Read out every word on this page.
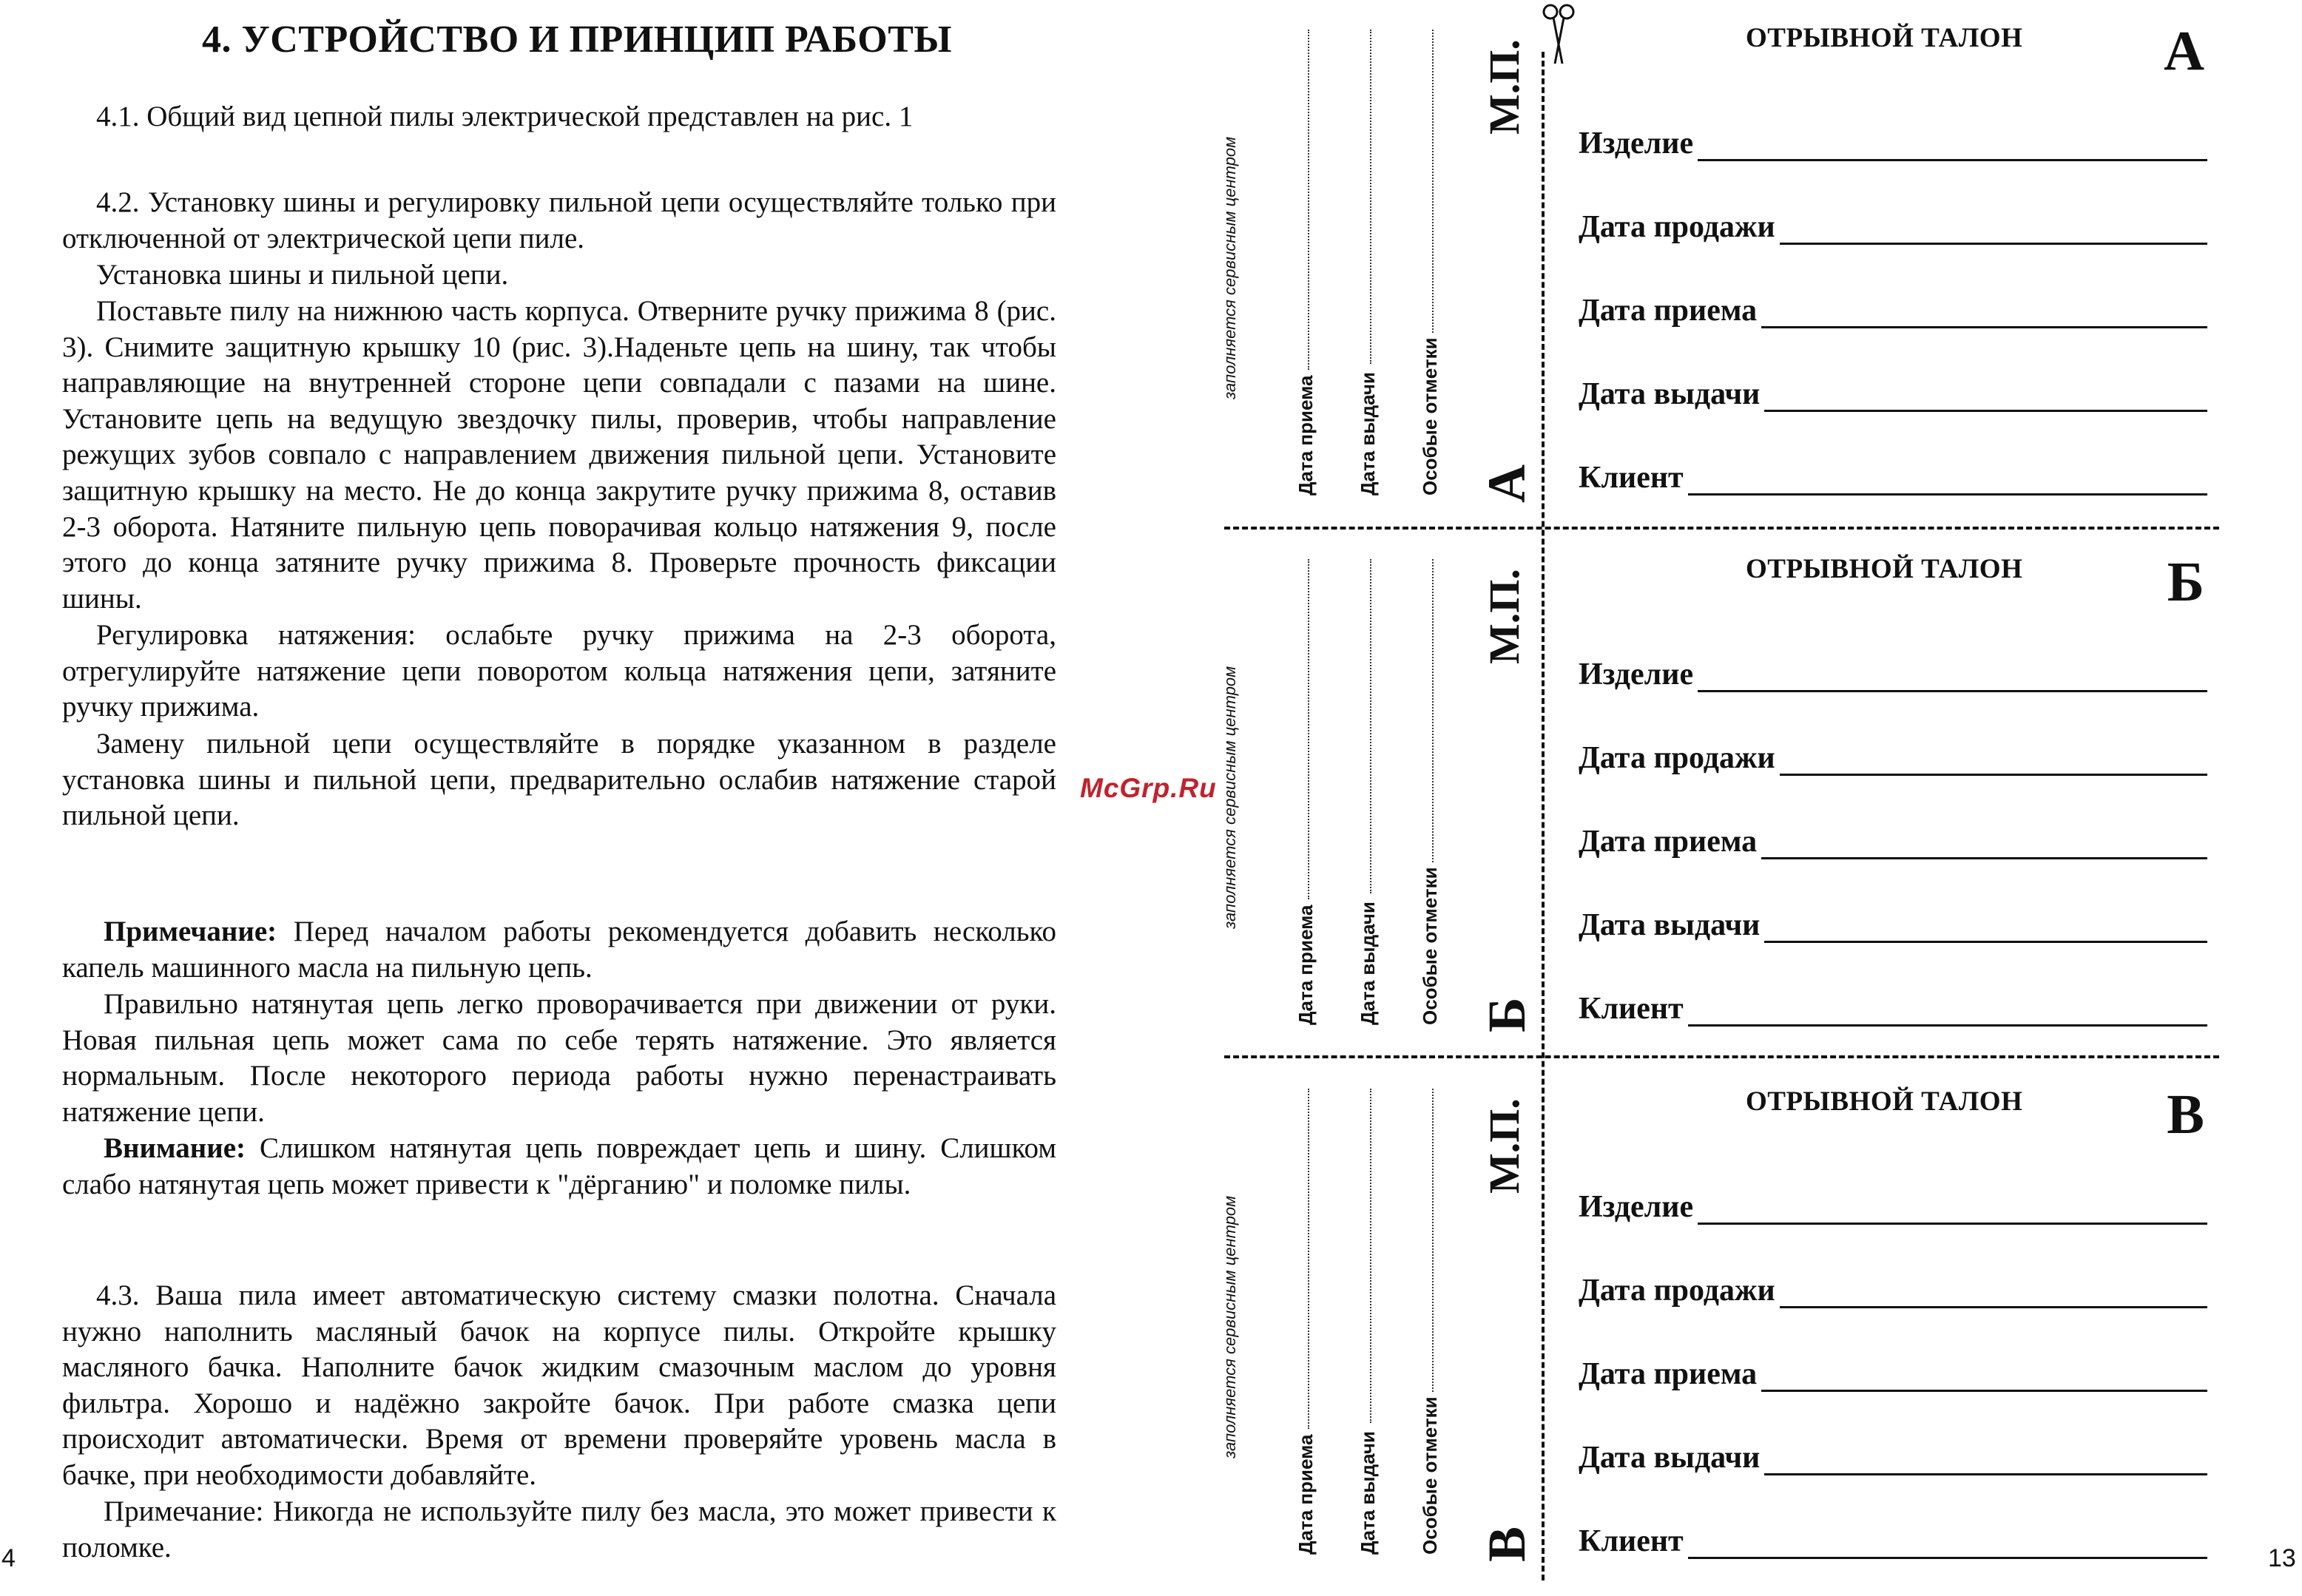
4. УСТРОЙСТВО И ПРИНЦИП РАБОТЫ

4.1. Общий вид цепной пилы электрической представлен на рис. 1

4.2. Установку шины и регулировку пильной цепи осуществляйте только при отключенной от электрической цепи пиле.

Установка шины и пильной цепи.

Поставьте пилу на нижнюю часть корпуса. Отверните ручку прижима 8 (рис. 3). Снимите защитную крышку 10 (рис. 3).Наденьте цепь на шину, так чтобы направляющие на внутренней стороне цепи совпадали с пазами на шине. Установите цепь на ведущую звездочку пилы, проверив, чтобы направление режущих зубов совпало с направлением движения пильной цепи. Установите защитную крышку на место. Не до конца закрутите ручку прижима 8, оставив 2-3 оборота. Натяните пильную цепь поворачивая кольцо натяжения 9, после этого до конца затяните ручку прижима 8. Проверьте прочность фиксации шины.

Регулировка натяжения: ослабьте ручку прижима на 2-3 оборота, отрегулируйте натяжение цепи поворотом кольца натяжения цепи, затяните ручку прижима.

Замену пильной цепи осуществляйте в порядке указанном в разделе установка шины и пильной цепи, предварительно ослабив натяжение старой пильной цепи.

Примечание: Перед началом работы рекомендуется добавить несколько капель машинного масла на пильную цепь.

Правильно натянутая цепь легко проворачивается при движении от руки. Новая пильная цепь может сама по себе терять натяжение. Это является нормальным. После некоторого периода работы нужно перенастраивать натяжение цепи.

Внимание: Слишком натянутая цепь повреждает цепь и шину. Слишком слабо натянутая цепь может привести к "дёрганию" и поломке пилы.

4.3. Ваша пила имеет автоматическую систему смазки полотна. Сначала нужно наполнить масляный бачок на корпусе пилы. Откройте крышку масляного бачка. Наполните бачок жидким смазочным маслом до уровня фильтра. Хорошо и надёжно закройте бачок. При работе смазка цепи происходит автоматически. Время от времени проверяйте уровень масла в бачке, при необходимости добавляйте.

Примечание: Никогда не используйте пилу без масла, это может привести к поломке.

4
McGrp.Ru
заполняется сервисным центром
Дата приема Дата выдачи Особые отметки
М.П.
А
заполняется сервисным центром
Дата приема Дата выдачи Особые отметки
М.П.
Б
заполняется сервисным центром
Дата приема Дата выдачи Особые отметки
М.П.
В
ОТРЫВНОЙ ТАЛОН	А
Изделие
Дата продажи
Дата приема
Дата выдачи
Клиент
ОТРЫВНОЙ ТАЛОН	Б
Изделие
Дата продажи
Дата приема
Дата выдачи
Клиент
ОТРЫВНОЙ ТАЛОН	В
Изделие
Дата продажи
Дата приема
Дата выдачи
Клиент	13
